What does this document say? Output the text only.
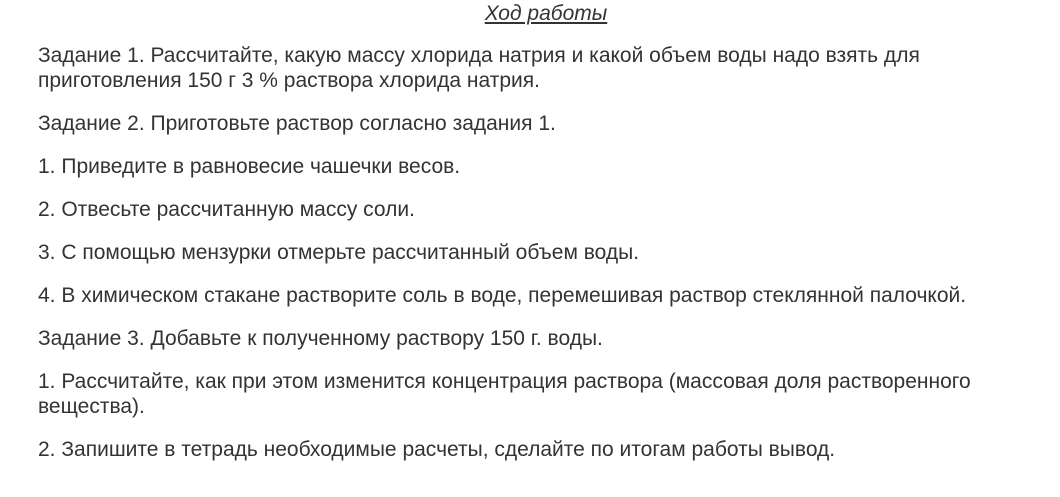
Ход работы

Задание 1. Рассчитайте, какую массу хлорида натрия и какой объем воды надо взять для приготовления 150 г 3 % раствора хлорида натрия.

Задание 2. Приготовьте раствор согласно задания 1.

1. Приведите в равновесие чашечки весов.

2. Отвесьте рассчитанную массу соли.

3. С помощью мензурки отмерьте рассчитанный объем воды.

4. В химическом стакане растворите соль в воде, перемешивая раствор стеклянной палочкой.

Задание 3. Добавьте к полученному раствору 150 г. воды.

1. Рассчитайте, как при этом изменится концентрация раствора (массовая доля растворенного вещества).

2. Запишите в тетрадь необходимые расчеты, сделайте по итогам работы вывод.
